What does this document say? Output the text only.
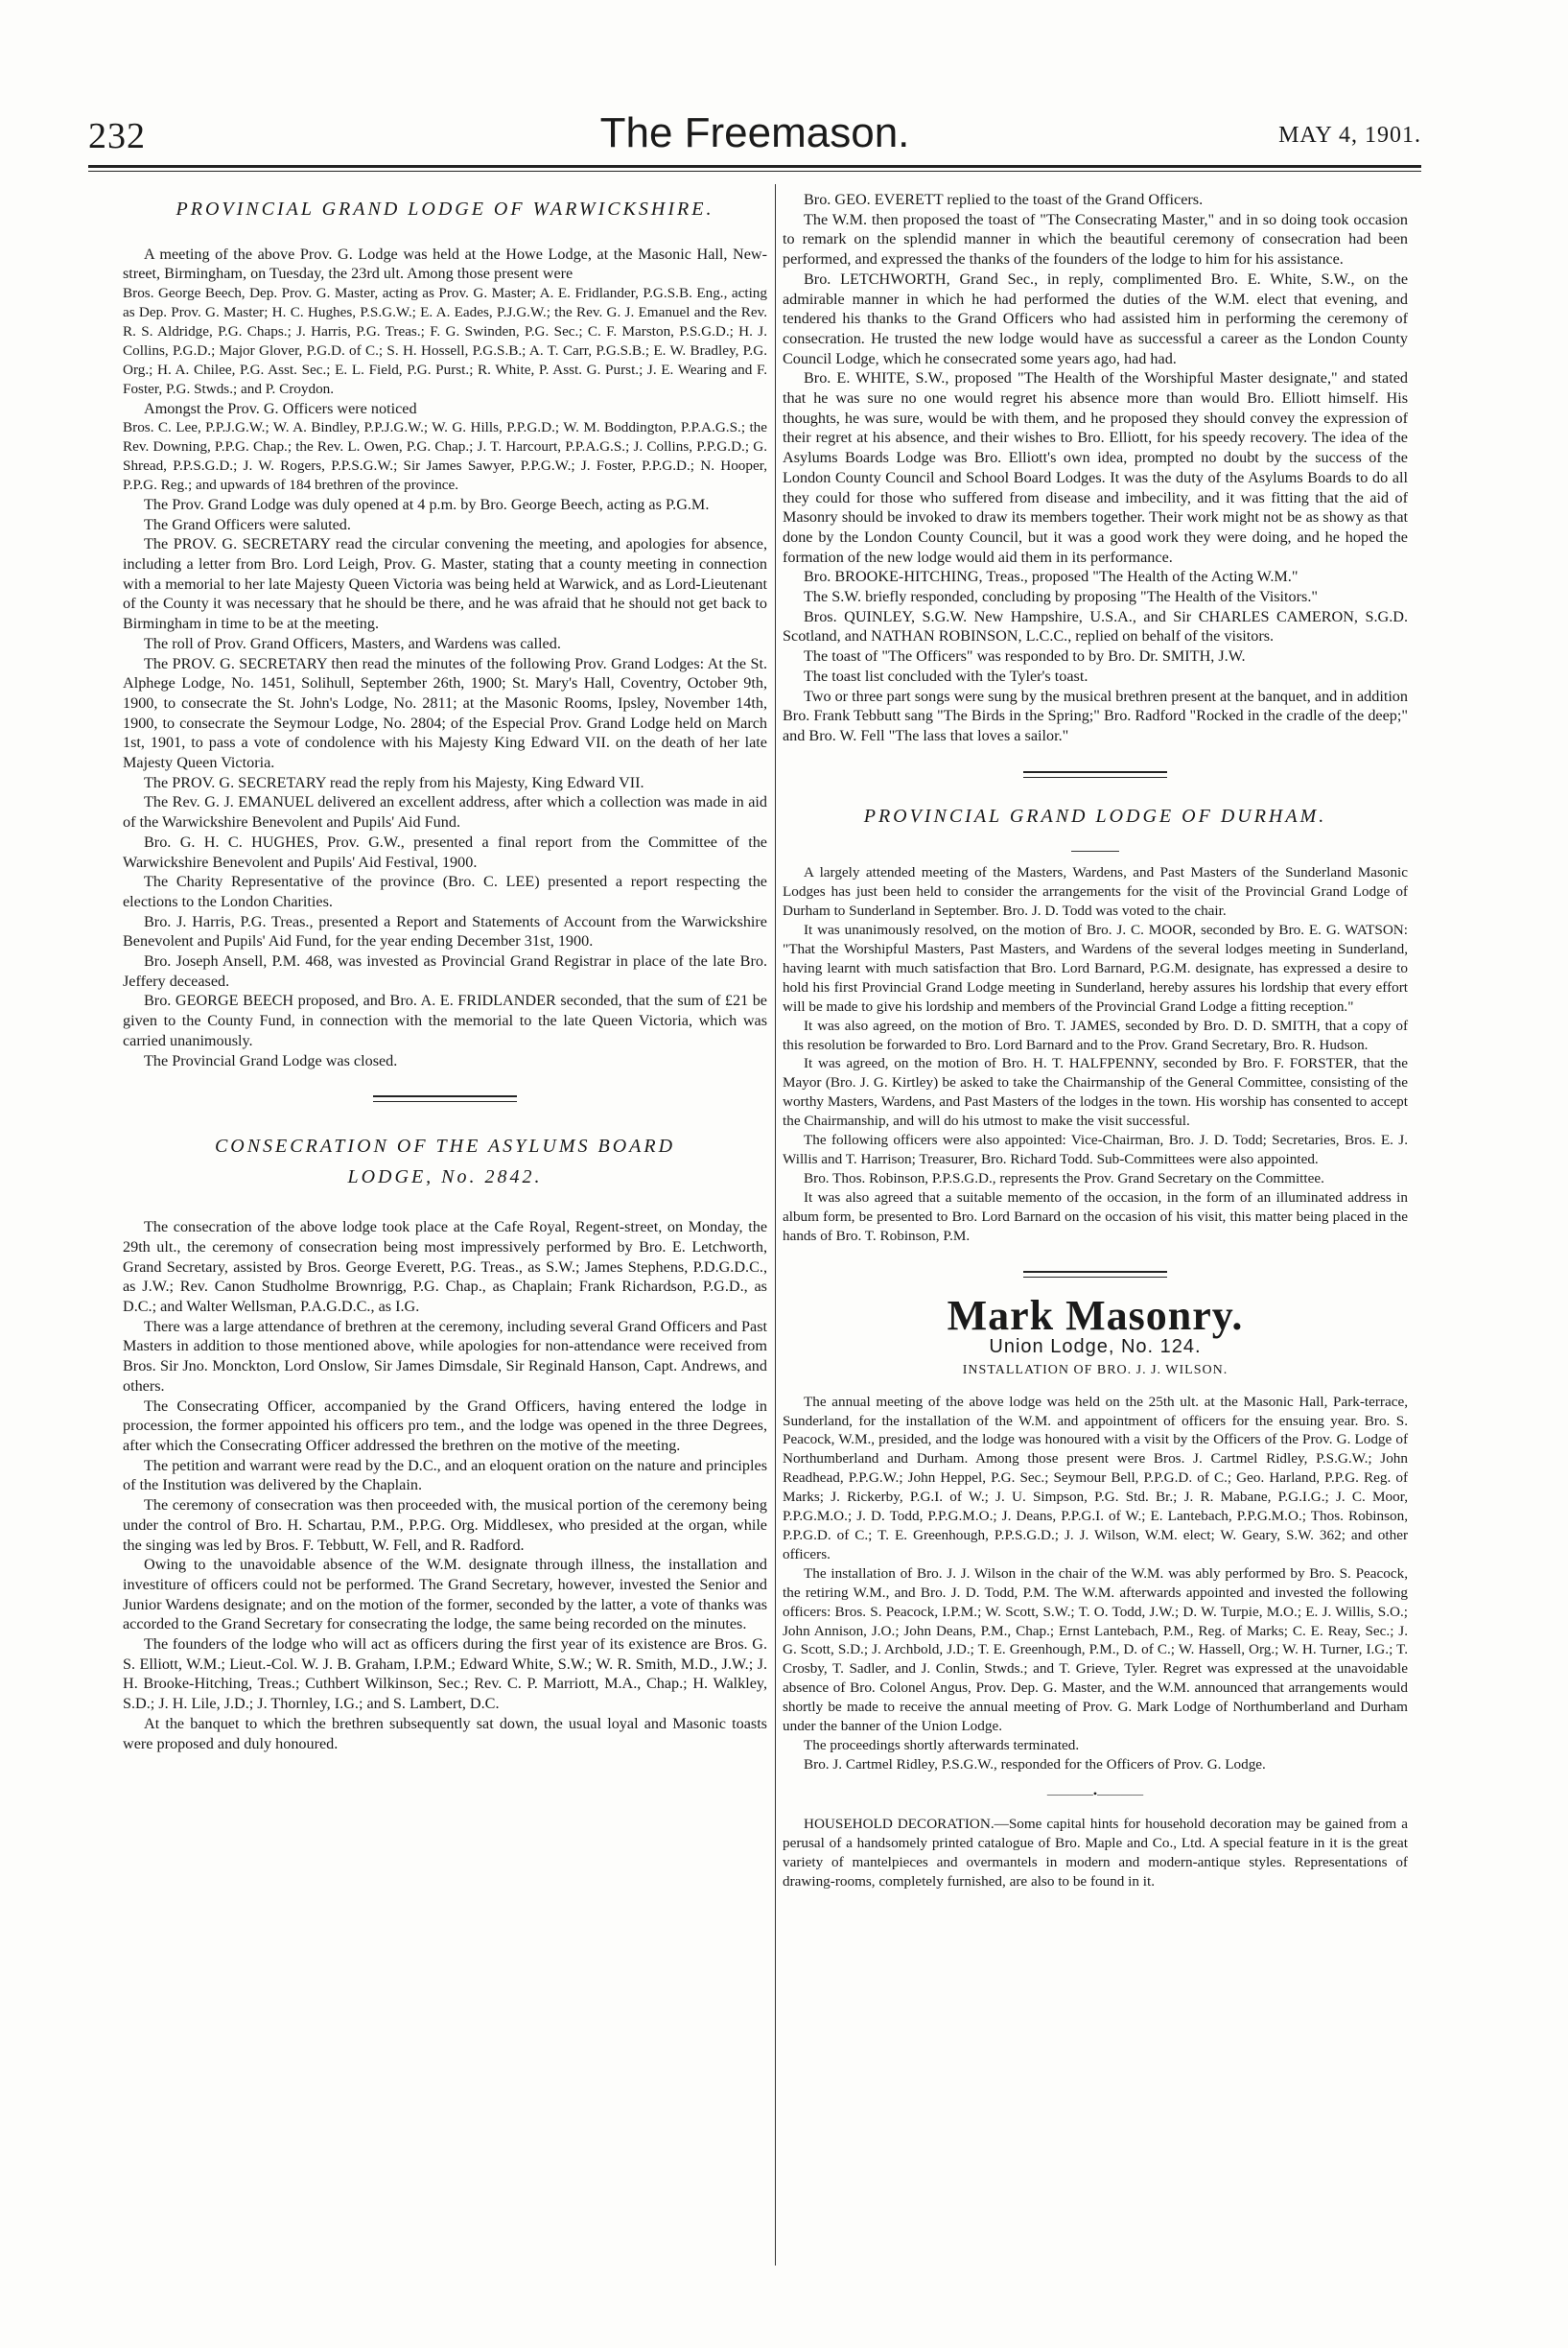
232	The Freemason.	MAY 4, 1901.
PROVINCIAL GRAND LODGE OF WARWICKSHIRE.

A meeting of the above Prov. G. Lodge was held at the Howe Lodge, at the Masonic Hall, New-street, Birmingham, on Tuesday, the 23rd ult. Among those present were

Bros. George Beech, Dep. Prov. G. Master, acting as Prov. G. Master; A. E. Fridlander, P.G.S.B. Eng., acting as Dep. Prov. G. Master; H. C. Hughes, P.S.G.W.; E. A. Eades, P.J.G.W.; the Rev. G. J. Emanuel and the Rev. R. S. Aldridge, P.G. Chaps.; J. Harris, P.G. Treas.; F. G. Swinden, P.G. Sec.; C. F. Marston, P.S.G.D.; H. J. Collins, P.G.D.; Major Glover, P.G.D. of C.; S. H. Hossell, P.G.S.B.; A. T. Carr, P.G.S.B.; E. W. Bradley, P.G. Org.; H. A. Chilee, P.G. Asst. Sec.; E. L. Field, P.G. Purst.; R. White, P. Asst. G. Purst.; J. E. Wearing and F. Foster, P.G. Stwds.; and P. Croydon.

Amongst the Prov. G. Officers were noticed

Bros. C. Lee, P.P.J.G.W.; W. A. Bindley, P.P.J.G.W.; W. G. Hills, P.P.G.D.; W. M. Boddington, P.P.A.G.S.; the Rev. Downing, P.P.G. Chap.; the Rev. L. Owen, P.G. Chap.; J. T. Harcourt, P.P.A.G.S.; J. Collins, P.P.G.D.; G. Shread, P.P.S.G.D.; J. W. Rogers, P.P.S.G.W.; Sir James Sawyer, P.P.G.W.; J. Foster, P.P.G.D.; N. Hooper, P.P.G. Reg.; and upwards of 184 brethren of the province.

The Prov. Grand Lodge was duly opened at 4 p.m. by Bro. George Beech, acting as P.G.M.

The Grand Officers were saluted.

The PROV. G. SECRETARY read the circular convening the meeting, and apologies for absence, including a letter from Bro. Lord Leigh, Prov. G. Master, stating that a county meeting in connection with a memorial to her late Majesty Queen Victoria was being held at Warwick, and as Lord-Lieutenant of the County it was necessary that he should be there, and he was afraid that he should not get back to Birmingham in time to be at the meeting.

The roll of Prov. Grand Officers, Masters, and Wardens was called.

The PROV. G. SECRETARY then read the minutes of the following Prov. Grand Lodges: At the St. Alphege Lodge, No. 1451, Solihull, September 26th, 1900; St. Mary's Hall, Coventry, October 9th, 1900, to consecrate the St. John's Lodge, No. 2811; at the Masonic Rooms, Ipsley, November 14th, 1900, to consecrate the Seymour Lodge, No. 2804; of the Especial Prov. Grand Lodge held on March 1st, 1901, to pass a vote of condolence with his Majesty King Edward VII. on the death of her late Majesty Queen Victoria.

The PROV. G. SECRETARY read the reply from his Majesty, King Edward VII.

The Rev. G. J. EMANUEL delivered an excellent address, after which a collection was made in aid of the Warwickshire Benevolent and Pupils' Aid Fund.

Bro. G. H. C. HUGHES, Prov. G.W., presented a final report from the Committee of the Warwickshire Benevolent and Pupils' Aid Festival, 1900.

The Charity Representative of the province (Bro. C. LEE) presented a report respecting the elections to the London Charities.

Bro. J. Harris, P.G. Treas., presented a Report and Statements of Account from the Warwickshire Benevolent and Pupils' Aid Fund, for the year ending December 31st, 1900.

Bro. Joseph Ansell, P.M. 468, was invested as Provincial Grand Registrar in place of the late Bro. Jeffery deceased.

Bro. GEORGE BEECH proposed, and Bro. A. E. FRIDLANDER seconded, that the sum of £21 be given to the County Fund, in connection with the memorial to the late Queen Victoria, which was carried unanimously.

The Provincial Grand Lodge was closed.

CONSECRATION OF THE ASYLUMS BOARD
LODGE, No. 2842.

The consecration of the above lodge took place at the Cafe Royal, Regent-street, on Monday, the 29th ult., the ceremony of consecration being most impressively performed by Bro. E. Letchworth, Grand Secretary, assisted by Bros. George Everett, P.G. Treas., as S.W.; James Stephens, P.D.G.D.C., as J.W.; Rev. Canon Studholme Brownrigg, P.G. Chap., as Chaplain; Frank Richardson, P.G.D., as D.C.; and Walter Wellsman, P.A.G.D.C., as I.G.

There was a large attendance of brethren at the ceremony, including several Grand Officers and Past Masters in addition to those mentioned above, while apologies for non-attendance were received from Bros. Sir Jno. Monckton, Lord Onslow, Sir James Dimsdale, Sir Reginald Hanson, Capt. Andrews, and others.

The Consecrating Officer, accompanied by the Grand Officers, having entered the lodge in procession, the former appointed his officers pro tem., and the lodge was opened in the three Degrees, after which the Consecrating Officer addressed the brethren on the motive of the meeting.

The petition and warrant were read by the D.C., and an eloquent oration on the nature and principles of the Institution was delivered by the Chaplain.

The ceremony of consecration was then proceeded with, the musical portion of the ceremony being under the control of Bro. H. Schartau, P.M., P.P.G. Org. Middlesex, who presided at the organ, while the singing was led by Bros. F. Tebbutt, W. Fell, and R. Radford.

Owing to the unavoidable absence of the W.M. designate through illness, the installation and investiture of officers could not be performed. The Grand Secretary, however, invested the Senior and Junior Wardens designate; and on the motion of the former, seconded by the latter, a vote of thanks was accorded to the Grand Secretary for consecrating the lodge, the same being recorded on the minutes.

The founders of the lodge who will act as officers during the first year of its existence are Bros. G. S. Elliott, W.M.; Lieut.-Col. W. J. B. Graham, I.P.M.; Edward White, S.W.; W. R. Smith, M.D., J.W.; J. H. Brooke-Hitching, Treas.; Cuthbert Wilkinson, Sec.; Rev. C. P. Marriott, M.A., Chap.; H. Walkley, S.D.; J. H. Lile, J.D.; J. Thornley, I.G.; and S. Lambert, D.C.

At the banquet to which the brethren subsequently sat down, the usual loyal and Masonic toasts were proposed and duly honoured.

Bro. GEO. EVERETT replied to the toast of the Grand Officers.

The W.M. then proposed the toast of "The Consecrating Master," and in so doing took occasion to remark on the splendid manner in which the beautiful ceremony of consecration had been performed, and expressed the thanks of the founders of the lodge to him for his assistance.

Bro. LETCHWORTH, Grand Sec., in reply, complimented Bro. E. White, S.W., on the admirable manner in which he had performed the duties of the W.M. elect that evening, and tendered his thanks to the Grand Officers who had assisted him in performing the ceremony of consecration. He trusted the new lodge would have as successful a career as the London County Council Lodge, which he consecrated some years ago, had had.

Bro. E. WHITE, S.W., proposed "The Health of the Worshipful Master designate," and stated that he was sure no one would regret his absence more than would Bro. Elliott himself. His thoughts, he was sure, would be with them, and he proposed they should convey the expression of their regret at his absence, and their wishes to Bro. Elliott, for his speedy recovery. The idea of the Asylums Boards Lodge was Bro. Elliott's own idea, prompted no doubt by the success of the London County Council and School Board Lodges. It was the duty of the Asylums Boards to do all they could for those who suffered from disease and imbecility, and it was fitting that the aid of Masonry should be invoked to draw its members together. Their work might not be as showy as that done by the London County Council, but it was a good work they were doing, and he hoped the formation of the new lodge would aid them in its performance.

Bro. BROOKE-HITCHING, Treas., proposed "The Health of the Acting W.M."

The S.W. briefly responded, concluding by proposing "The Health of the Visitors."

Bros. QUINLEY, S.G.W. New Hampshire, U.S.A., and Sir CHARLES CAMERON, S.G.D. Scotland, and NATHAN ROBINSON, L.C.C., replied on behalf of the visitors.

The toast of "The Officers" was responded to by Bro. Dr. SMITH, J.W.

The toast list concluded with the Tyler's toast.

Two or three part songs were sung by the musical brethren present at the banquet, and in addition Bro. Frank Tebbutt sang "The Birds in the Spring;" Bro. Radford "Rocked in the cradle of the deep;" and Bro. W. Fell "The lass that loves a sailor."

PROVINCIAL GRAND LODGE OF DURHAM.

A largely attended meeting of the Masters, Wardens, and Past Masters of the Sunderland Masonic Lodges has just been held to consider the arrangements for the visit of the Provincial Grand Lodge of Durham to Sunderland in September. Bro. J. D. Todd was voted to the chair.

It was unanimously resolved, on the motion of Bro. J. C. MOOR, seconded by Bro. E. G. WATSON: "That the Worshipful Masters, Past Masters, and Wardens of the several lodges meeting in Sunderland, having learnt with much satisfaction that Bro. Lord Barnard, P.G.M. designate, has expressed a desire to hold his first Provincial Grand Lodge meeting in Sunderland, hereby assures his lordship that every effort will be made to give his lordship and members of the Provincial Grand Lodge a fitting reception."

It was also agreed, on the motion of Bro. T. JAMES, seconded by Bro. D. D. SMITH, that a copy of this resolution be forwarded to Bro. Lord Barnard and to the Prov. Grand Secretary, Bro. R. Hudson.

It was agreed, on the motion of Bro. H. T. HALFPENNY, seconded by Bro. F. FORSTER, that the Mayor (Bro. J. G. Kirtley) be asked to take the Chairmanship of the General Committee, consisting of the worthy Masters, Wardens, and Past Masters of the lodges in the town. His worship has consented to accept the Chairmanship, and will do his utmost to make the visit successful.

The following officers were also appointed: Vice-Chairman, Bro. J. D. Todd; Secretaries, Bros. E. J. Willis and T. Harrison; Treasurer, Bro. Richard Todd. Sub-Committees were also appointed.

Bro. Thos. Robinson, P.P.S.G.D., represents the Prov. Grand Secretary on the Committee.

It was also agreed that a suitable memento of the occasion, in the form of an illuminated address in album form, be presented to Bro. Lord Barnard on the occasion of his visit, this matter being placed in the hands of Bro. T. Robinson, P.M.

Mark Masonry.
Union Lodge, No. 124.
INSTALLATION OF BRO. J. J. WILSON.

The annual meeting of the above lodge was held on the 25th ult. at the Masonic Hall, Park-terrace, Sunderland, for the installation of the W.M. and appointment of officers for the ensuing year. Bro. S. Peacock, W.M., presided, and the lodge was honoured with a visit by the Officers of the Prov. G. Lodge of Northumberland and Durham. Among those present were Bros. J. Cartmel Ridley, P.S.G.W.; John Readhead, P.P.G.W.; John Heppel, P.G. Sec.; Seymour Bell, P.P.G.D. of C.; Geo. Harland, P.P.G. Reg. of Marks; J. Rickerby, P.G.I. of W.; J. U. Simpson, P.G. Std. Br.; J. R. Mabane, P.G.I.G.; J. C. Moor, P.P.G.M.O.; J. D. Todd, P.P.G.M.O.; J. Deans, P.P.G.I. of W.; E. Lantebach, P.P.G.M.O.; Thos. Robinson, P.P.G.D. of C.; T. E. Greenhough, P.P.S.G.D.; J. J. Wilson, W.M. elect; W. Geary, S.W. 362; and other officers.

The installation of Bro. J. J. Wilson in the chair of the W.M. was ably performed by Bro. S. Peacock, the retiring W.M., and Bro. J. D. Todd, P.M. The W.M. afterwards appointed and invested the following officers: Bros. S. Peacock, I.P.M.; W. Scott, S.W.; T. O. Todd, J.W.; D. W. Turpie, M.O.; E. J. Willis, S.O.; John Annison, J.O.; John Deans, P.M., Chap.; Ernst Lantebach, P.M., Reg. of Marks; C. E. Reay, Sec.; J. G. Scott, S.D.; J. Archbold, J.D.; T. E. Greenhough, P.M., D. of C.; W. Hassell, Org.; W. H. Turner, I.G.; T. Crosby, T. Sadler, and J. Conlin, Stwds.; and T. Grieve, Tyler. Regret was expressed at the unavoidable absence of Bro. Colonel Angus, Prov. Dep. G. Master, and the W.M. announced that arrangements would shortly be made to receive the annual meeting of Prov. G. Mark Lodge of Northumberland and Durham under the banner of the Union Lodge.

The proceedings shortly afterwards terminated.

Bro. J. Cartmel Ridley, P.S.G.W., responded for the Officers of Prov. G. Lodge.

————•————

HOUSEHOLD DECORATION.—Some capital hints for household decoration may be gained from a perusal of a handsomely printed catalogue of Bro. Maple and Co., Ltd. A special feature in it is the great variety of mantelpieces and overmantels in modern and modern-antique styles. Representations of drawing-rooms, completely furnished, are also to be found in it.
